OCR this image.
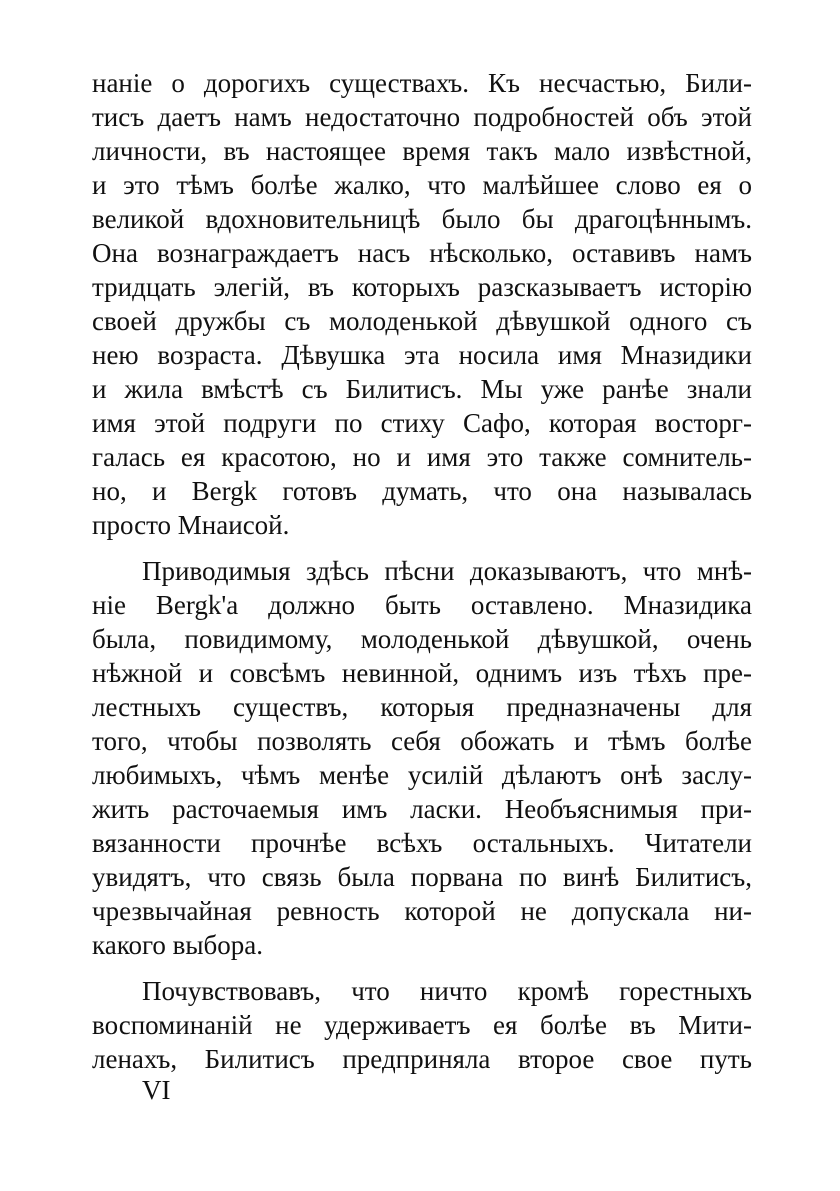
наніе о дорогихъ существахъ. Къ несчастью, Били-
тисъ даетъ намъ недостаточно подробностей объ этой
личности, въ настоящее время такъ мало извѣстной,
и это тѣмъ болѣе жалко, что малѣйшее слово ея о
великой вдохновительницѣ было бы драгоцѣннымъ.
Она вознаграждаетъ насъ нѣсколько, оставивъ намъ
тридцать элегій, въ которыхъ разсказываетъ исторію
своей дружбы съ молоденькой дѣвушкой одного съ
нею возраста. Дѣвушка эта носила имя Мназидики
и жила вмѣстѣ съ Билитисъ. Мы уже ранѣе знали
имя этой подруги по стиху Сафо, которая восторг-
галась ея красотою, но и имя это также сомнитель-
но, и Bergk готовъ думать, что она называлась
просто Мнаисой.
Приводимыя здѣсь пѣсни доказываютъ, что мнѣ-
ніе Bergk'а должно быть оставлено. Мназидика
была, повидимому, молоденькой дѣвушкой, очень
нѣжной и совсѣмъ невинной, однимъ изъ тѣхъ пре-
лестныхъ существъ, которыя предназначены для
того, чтобы позволять себя обожать и тѣмъ болѣе
любимыхъ, чѣмъ менѣе усилій дѣлаютъ онѣ заслу-
жить расточаемыя имъ ласки. Необъяснимыя при-
вязанности прочнѣе всѣхъ остальныхъ. Читатели
увидятъ, что связь была порвана по винѣ Билитисъ,
чрезвычайная ревность которой не допускала ни-
какого выбора.
Почувствовавъ, что ничто кромѣ горестныхъ
воспоминаній не удерживаетъ ея болѣе въ Мити-
ленахъ, Билитисъ предприняла второе свое путь
VI
